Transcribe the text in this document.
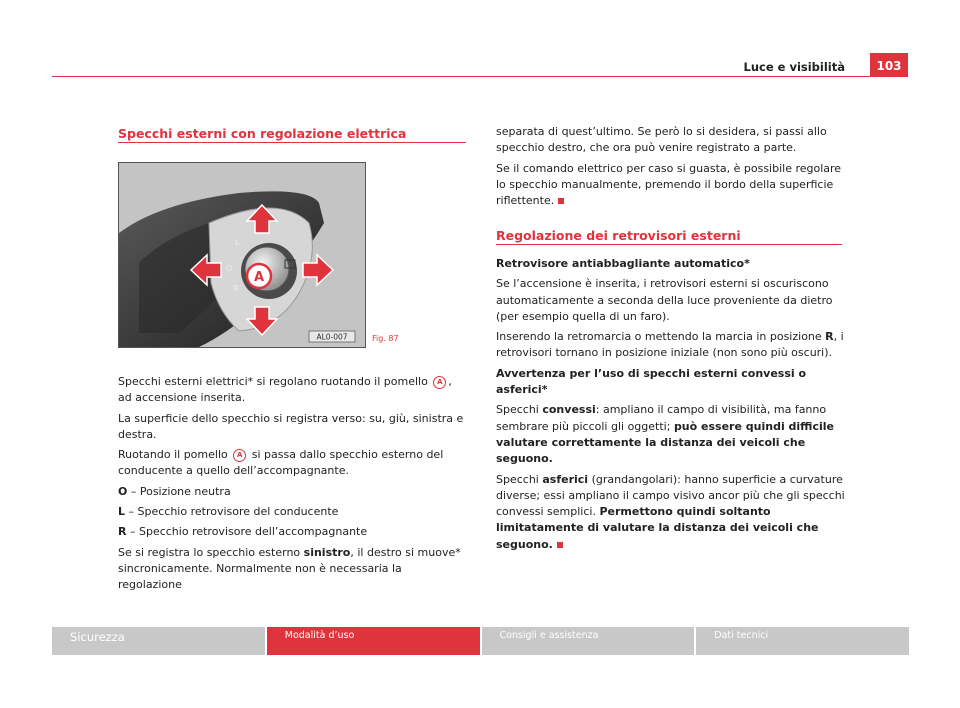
Luce e visibilità	103
Specchi esterni con regolazione elettrica
A
L
O
R
AL0-007	Fig. 87

Specchi esterni elettrici* si regolano ruotando il pomello A , ad accensione inserita.

La superficie dello specchio si registra verso: su, giù, sinistra e destra.

Ruotando il pomello A si passa dallo specchio esterno del conducente a quello dell’accompagnante.

O – Posizione neutra

L – Specchio retrovisore del conducente

R – Specchio retrovisore dell’accompagnante

Se si registra lo specchio esterno sinistro, il destro si muove* sincronicamente. Normalmente non è necessaria la regolazione

separata di quest’ultimo. Se però lo si desidera, si passi allo specchio destro, che ora può venire registrato a parte.

Se il comando elettrico per caso si guasta, è possibile regolare lo specchio manualmente, premendo il bordo della superficie riflettente.

Regolazione dei retrovisori esterni

Retrovisore antiabbagliante automatico*

Se l’accensione è inserita, i retrovisori esterni si oscuriscono automaticamente a seconda della luce proveniente da dietro (per esempio quella di un faro).

Inserendo la retromarcia o mettendo la marcia in posizione R, i retrovisori tornano in posizione iniziale (non sono più oscuri).

Avvertenza per l’uso di specchi esterni convessi o asferici*

Specchi convessi: ampliano il campo di visibilità, ma fanno sembrare più piccoli gli oggetti; può essere quindi difficile valutare correttamente la distanza dei veicoli che seguono.

Specchi asferici (grandangolari): hanno superficie a curvature diverse; essi ampliano il campo visivo ancor più che gli specchi convessi semplici. Permettono quindi soltanto limitatamente di valutare la distanza dei veicoli che seguono.

Sicurezza	Modalità d’uso	Consigli e assistenza	Dati tecnici
